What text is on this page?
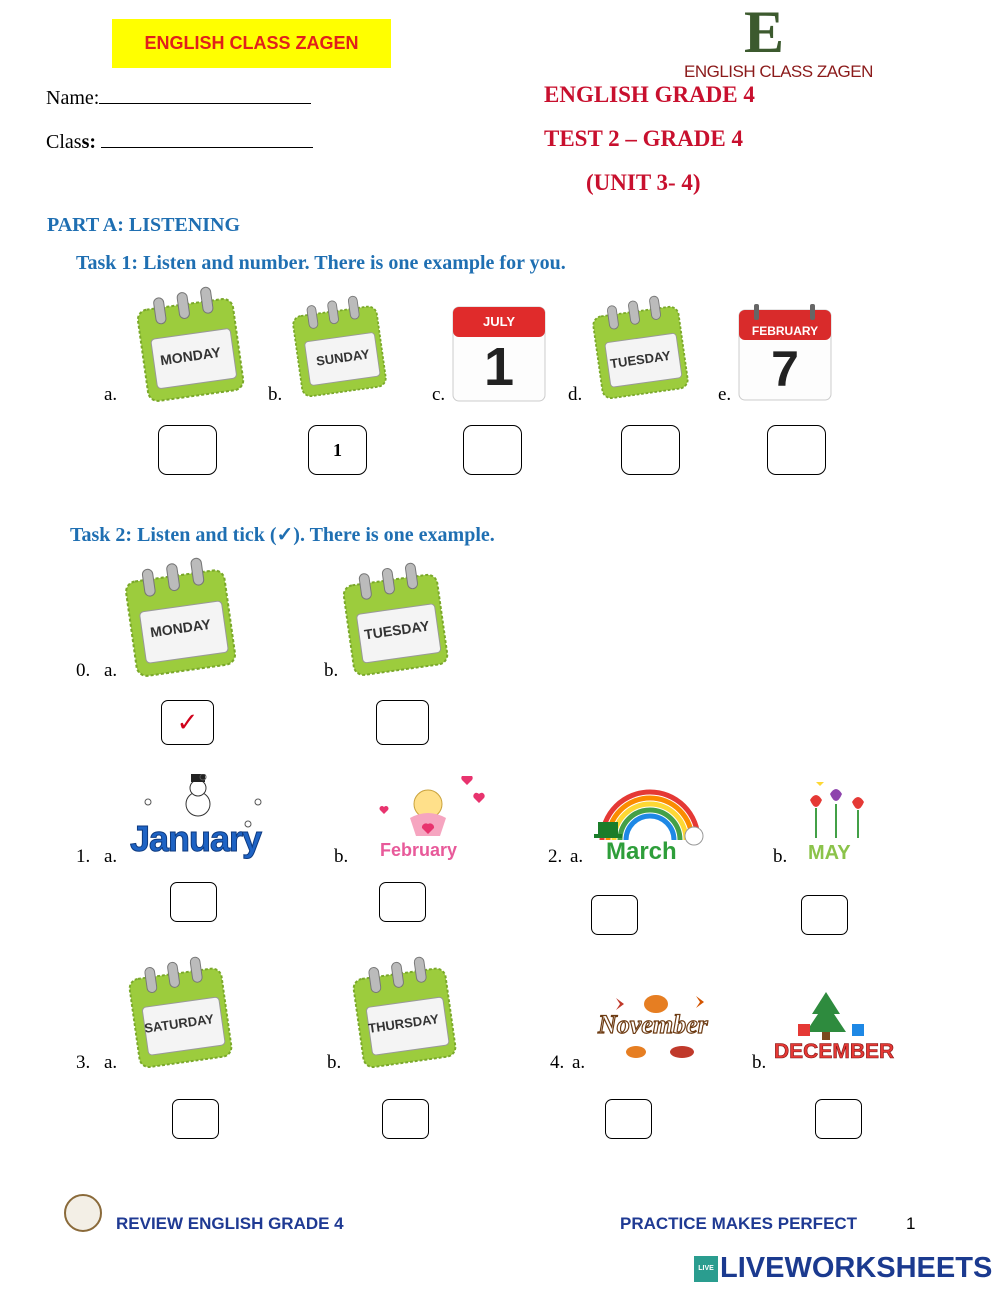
ENGLISH CLASS ZAGEN	E
ENGLISH CLASS ZAGEN
Name:
Class:
ENGLISH GRADE 4
TEST 2 – GRADE 4
(UNIT 3- 4)
PART A: LISTENING
Task 1: Listen and number. There is one example for you.
MONDAY	SUNDAY
JULY
1	TUESDAY
FEBRUARY
7
a.	b.	c.	d.	e.
1
Task 2: Listen and tick (✓). There is one example.
0. a.
MONDAY
b.
TUESDAY
✓
1. a. January	b. February	2. a. March	b. MAY
3. a.
SATURDAY
b.
THURSDAY
4. a.
November
b. DECEMBER
REVIEW ENGLISH GRADE 4	PRACTICE MAKES PERFECT	1
LIVE LIVEWORKSHEETS
